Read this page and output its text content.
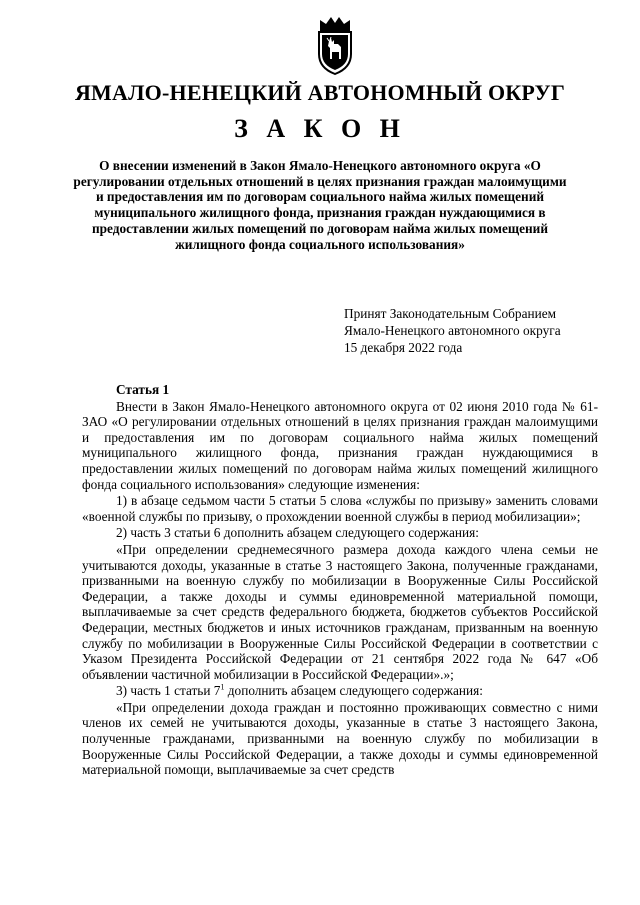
ЯМАЛО-НЕНЕЦКИЙ АВТОНОМНЫЙ ОКРУГ
З А К О Н
О внесении изменений в Закон Ямало-Ненецкого автономного округа «О регулировании отдельных отношений в целях признания граждан малоимущими и предоставления им по договорам социального найма жилых помещений муниципального жилищного фонда, признания граждан нуждающимися в предоставлении жилых помещений по договорам найма жилых помещений жилищного фонда социального использования»
Принят Законодательным Собранием
Ямало-Ненецкого автономного округа
15 декабря 2022 года
Статья 1
Внести в Закон Ямало-Ненецкого автономного округа от 02 июня 2010 года № 61-ЗАО «О регулировании отдельных отношений в целях признания граждан малоимущими и предоставления им по договорам социального найма жилых помещений муниципального жилищного фонда, признания граждан нуждающимися в предоставлении жилых помещений по договорам найма жилых помещений жилищного фонда социального использования» следующие изменения:
1) в абзаце седьмом части 5 статьи 5 слова «службы по призыву» заменить словами «военной службы по призыву, о прохождении военной службы в период мобилизации»;
2) часть 3 статьи 6 дополнить абзацем следующего содержания:
«При определении среднемесячного размера дохода каждого члена семьи не учитываются доходы, указанные в статье 3 настоящего Закона, полученные гражданами, призванными на военную службу по мобилизации в Вооруженные Силы Российской Федерации, а также доходы и суммы единовременной материальной помощи, выплачиваемые за счет средств федерального бюджета, бюджетов субъектов Российской Федерации, местных бюджетов и иных источников гражданам, призванным на военную службу по мобилизации в Вооруженные Силы Российской Федерации в соответствии с Указом Президента Российской Федерации от 21 сентября 2022 года № 647 «Об объявлении частичной мобилизации в Российской Федерации».»;
3) часть 1 статьи $7^1$ дополнить абзацем следующего содержания:
«При определении дохода граждан и постоянно проживающих совместно с ними членов их семей не учитываются доходы, указанные в статье 3 настоящего Закона, полученные гражданами, призванными на военную службу по мобилизации в Вооруженные Силы Российской Федерации, а также доходы и суммы единовременной материальной помощи, выплачиваемые за счет средств
